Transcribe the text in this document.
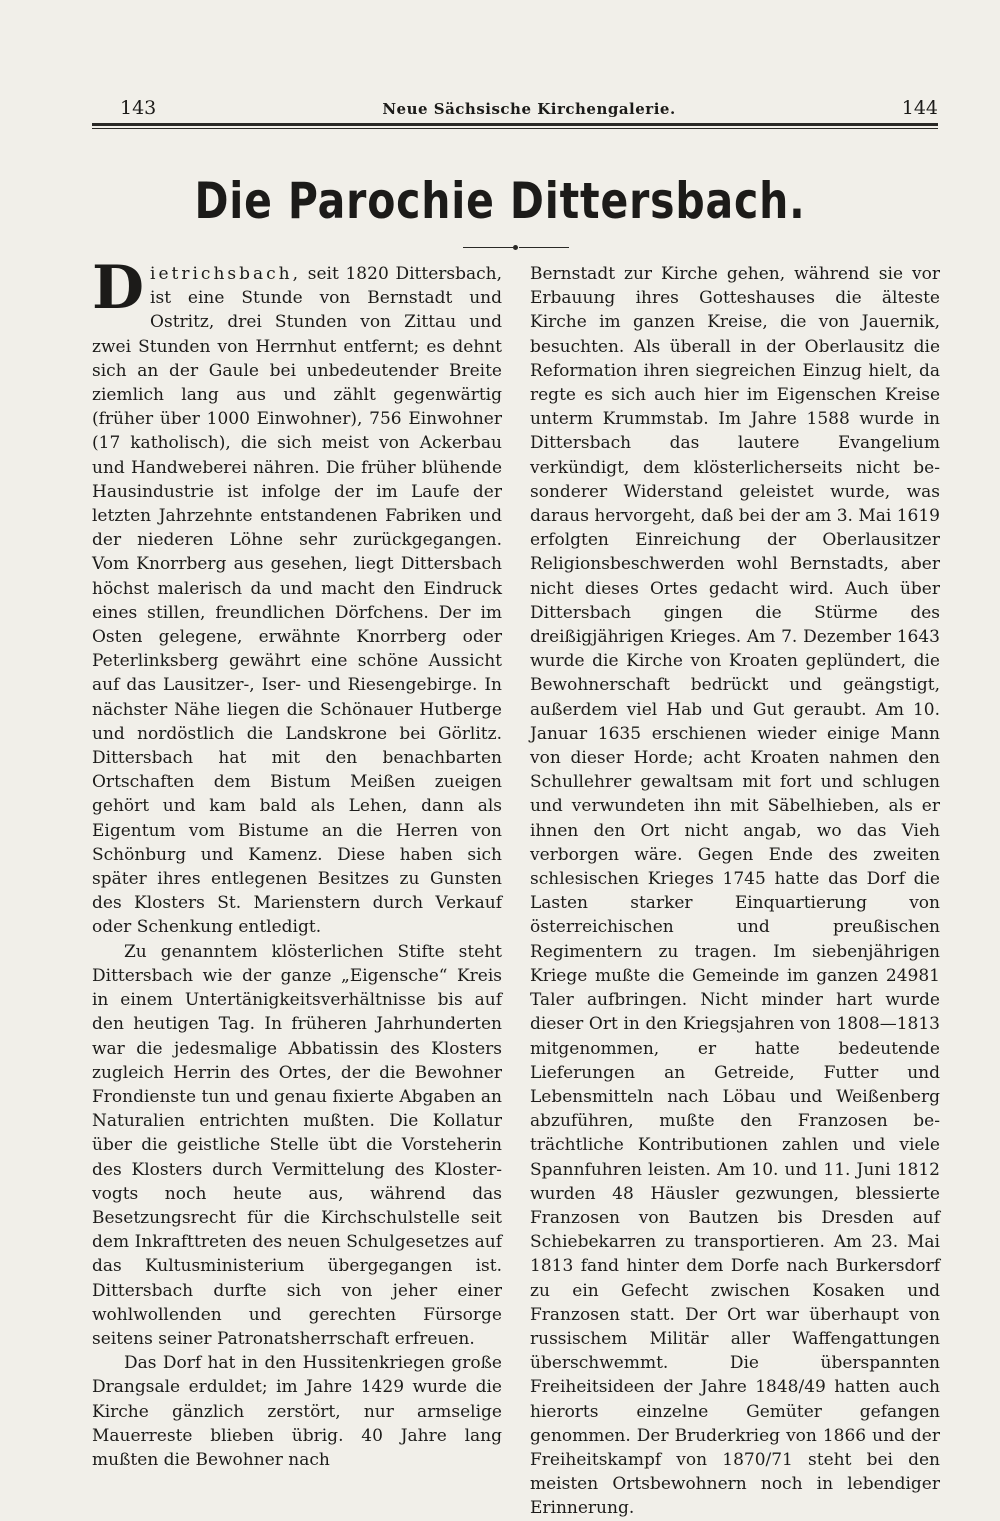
143	Neue Sächsische Kirchengalerie.	144
Die Parochie Dittersbach.

Dietrichsbach, seit 1820 Dittersbach, ist eine Stunde von Bernstadt und Ostritz, drei Stunden von Zittau und zwei Stunden von Herrnhut entfernt; es dehnt sich an der Gaule bei unbedeutender Breite ziemlich lang aus und zählt gegenwärtig (früher über 1000 Einwohner), 756 Einwohner (17 katholisch), die sich meist von Ackerbau und Handweberei nähren. Die früher blühende Hausindustrie ist infolge der im Laufe der letzten Jahrzehnte entstandenen Fabriken und der niederen Löhne sehr zurückgegangen. Vom Knorrberg aus gesehen, liegt Dittersbach höchst malerisch da und macht den Eindruck eines stillen, freundlichen Dörfchens. Der im Osten gelegene, erwähnte Knorrberg oder Peterlinksberg gewährt eine schöne Aussicht auf das Lausitzer-, Iser- und Riesengebirge. In nächster Nähe liegen die Schönauer Hutberge und nordöstlich die Landskrone bei Görlitz. Dittersbach hat mit den benachbarten Ortschaften dem Bistum Meißen zueigen gehört und kam bald als Lehen, dann als Eigentum vom Bistume an die Herren von Schönburg und Kamenz. Diese haben sich später ihres entlegenen Besitzes zu Gunsten des Klosters St. Marienstern durch Verkauf oder Schenkung entledigt.

Zu genanntem klösterlichen Stifte steht Dittersbach wie der ganze „Eigensche“ Kreis in einem Untertänigkeitsverhältnisse bis auf den heutigen Tag. In früheren Jahrhunderten war die jedesmalige Abbatissin des Klosters zugleich Herrin des Ortes, der die Bewohner Frondienste tun und genau fixierte Abgaben an Naturalien entrichten mußten. Die Kollatur über die geistliche Stelle übt die Vorsteherin des Klosters durch Vermittelung des Klostervogts noch heute aus, während das Besetzungsrecht für die Kirchschulstelle seit dem Inkrafttreten des neuen Schulgesetzes auf das Kultusministerium übergegangen ist. Dittersbach durfte sich von jeher einer wohlwollenden und gerechten Fürsorge seitens seiner Patronatsherrschaft erfreuen.

Das Dorf hat in den Hussitenkriegen große Drangsale erduldet; im Jahre 1429 wurde die Kirche gänzlich zerstört, nur armselige Mauerreste blieben übrig. 40 Jahre lang mußten die Bewohner nach

Bernstadt zur Kirche gehen, während sie vor Erbauung ihres Gotteshauses die älteste Kirche im ganzen Kreise, die von Jauernik, besuchten. Als überall in der Oberlausitz die Reformation ihren siegreichen Einzug hielt, da regte es sich auch hier im Eigenschen Kreise unterm Krummstab. Im Jahre 1588 wurde in Dittersbach das lautere Evangelium verkündigt, dem klösterlicherseits nicht besonderer Widerstand geleistet wurde, was daraus hervorgeht, daß bei der am 3. Mai 1619 erfolgten Einreichung der Oberlausitzer Religionsbeschwerden wohl Bernstadts, aber nicht dieses Ortes gedacht wird. Auch über Dittersbach gingen die Stürme des dreißigjährigen Krieges. Am 7. Dezember 1643 wurde die Kirche von Kroaten geplündert, die Bewohnerschaft bedrückt und geängstigt, außerdem viel Hab und Gut geraubt. Am 10. Januar 1635 erschienen wieder einige Mann von dieser Horde; acht Kroaten nahmen den Schullehrer gewaltsam mit fort und schlugen und verwundeten ihn mit Säbelhieben, als er ihnen den Ort nicht angab, wo das Vieh verborgen wäre. Gegen Ende des zweiten schlesischen Krieges 1745 hatte das Dorf die Lasten starker Einquartierung von österreichischen und preußischen Regimentern zu tragen. Im siebenjährigen Kriege mußte die Gemeinde im ganzen 24981 Taler aufbringen. Nicht minder hart wurde dieser Ort in den Kriegsjahren von 1808—1813 mitgenommen, er hatte bedeutende Lieferungen an Getreide, Futter und Lebensmitteln nach Löbau und Weißenberg abzuführen, mußte den Franzosen beträchtliche Kontributionen zahlen und viele Spannfuhren leisten. Am 10. und 11. Juni 1812 wurden 48 Häusler gezwungen, blessierte Franzosen von Bautzen bis Dresden auf Schiebekarren zu transportieren. Am 23. Mai 1813 fand hinter dem Dorfe nach Burkersdorf zu ein Gefecht zwischen Kosaken und Franzosen statt. Der Ort war überhaupt von russischem Militär aller Waffengattungen überschwemmt. Die überspannten Freiheitsideen der Jahre 1848/49 hatten auch hierorts einzelne Gemüter gefangen genommen. Der Bruderkrieg von 1866 und der Freiheitskampf von 1870/71 steht bei den meisten Ortsbewohnern noch in lebendiger Erinnerung.
